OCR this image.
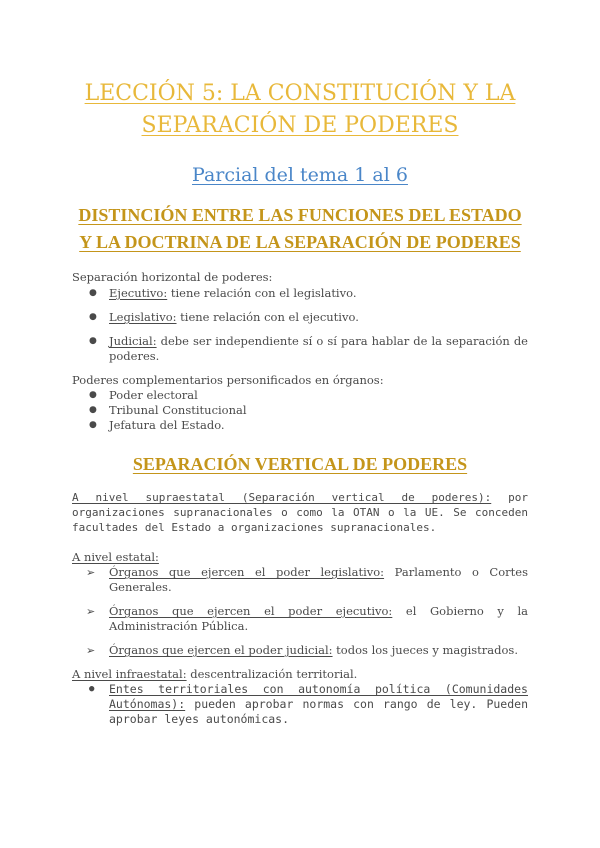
LECCIÓN 5: LA CONSTITUCIÓN Y LA SEPARACIÓN DE PODERES
Parcial del tema 1 al 6
DISTINCIÓN ENTRE LAS FUNCIONES DEL ESTADO Y LA DOCTRINA DE LA SEPARACIÓN DE PODERES

Separación horizontal de poderes:

●	Ejecutivo: tiene relación con el legislativo.
●	Legislativo: tiene relación con el ejecutivo.
●	Judicial: debe ser independiente sí o sí para hablar de la separación de poderes.

Poderes complementarios personificados en órganos:

●	Poder electoral
●	Tribunal Constitucional
●	Jefatura del Estado.
SEPARACIÓN VERTICAL DE PODERES

A nivel supraestatal (Separación vertical de poderes): por organizaciones supranacionales o como la OTAN o la UE. Se conceden facultades del Estado a organizaciones supranacionales.

A nivel estatal:

➢	Órganos que ejercen el poder legislativo: Parlamento o Cortes Generales.
➢	Órganos que ejercen el poder ejecutivo: el Gobierno y la Administración Pública.
➢	Órganos que ejercen el poder judicial: todos los jueces y magistrados.

A nivel infraestatal: descentralización territorial.

●	Entes territoriales con autonomía política (Comunidades Autónomas): pueden aprobar normas con rango de ley. Pueden aprobar leyes autonómicas.
